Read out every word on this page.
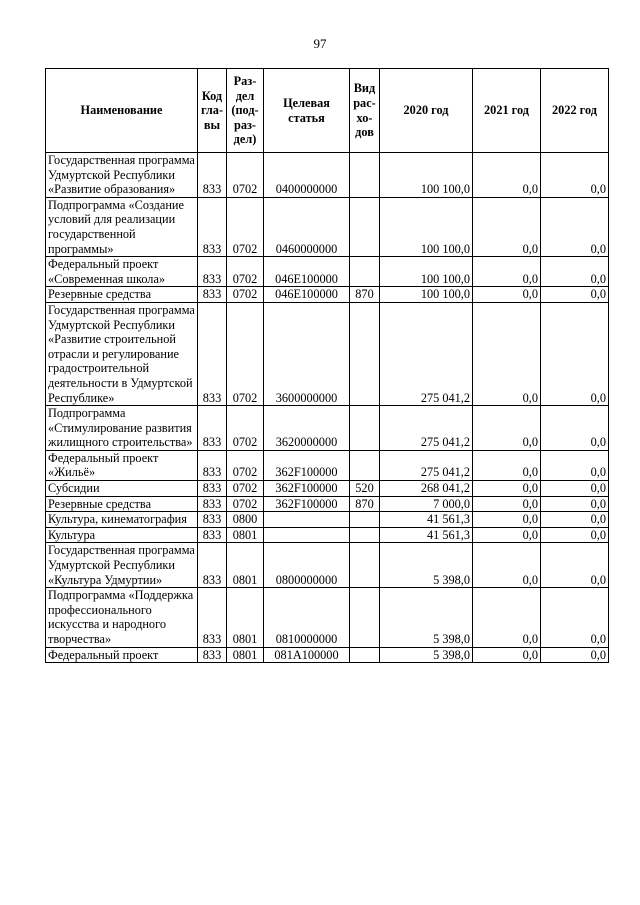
97
Наименование	Код гла-вы	Раз-дел (под-раз-дел)	Целевая статья	Вид рас-хо-дов	2020 год	2021 год	2022 год
Государственная программа Удмуртской Республики «Развитие образования»	833	0702	0400000000		100 100,0	0,0	0,0
Подпрограмма «Создание условий для реализации государственной программы»	833	0702	0460000000		100 100,0	0,0	0,0
Федеральный проект «Современная школа»	833	0702	046E100000		100 100,0	0,0	0,0
Резервные средства	833	0702	046E100000	870	100 100,0	0,0	0,0
Государственная программа Удмуртской Республики «Развитие строительной отрасли и регулирование градостроительной деятельности в Удмуртской Республике»	833	0702	3600000000		275 041,2	0,0	0,0
Подпрограмма «Стимулирование развития жилищного строительства»	833	0702	3620000000		275 041,2	0,0	0,0
Федеральный проект «Жильё»	833	0702	362F100000		275 041,2	0,0	0,0
Субсидии	833	0702	362F100000	520	268 041,2	0,0	0,0
Резервные средства	833	0702	362F100000	870	7 000,0	0,0	0,0
Культура, кинематография	833	0800			41 561,3	0,0	0,0
Культура	833	0801			41 561,3	0,0	0,0
Государственная программа Удмуртской Республики «Культура Удмуртии»	833	0801	0800000000		5 398,0	0,0	0,0
Подпрограмма «Поддержка профессионального искусства и народного творчества»	833	0801	0810000000		5 398,0	0,0	0,0
Федеральный проект	833	0801	081A100000		5 398,0	0,0	0,0
